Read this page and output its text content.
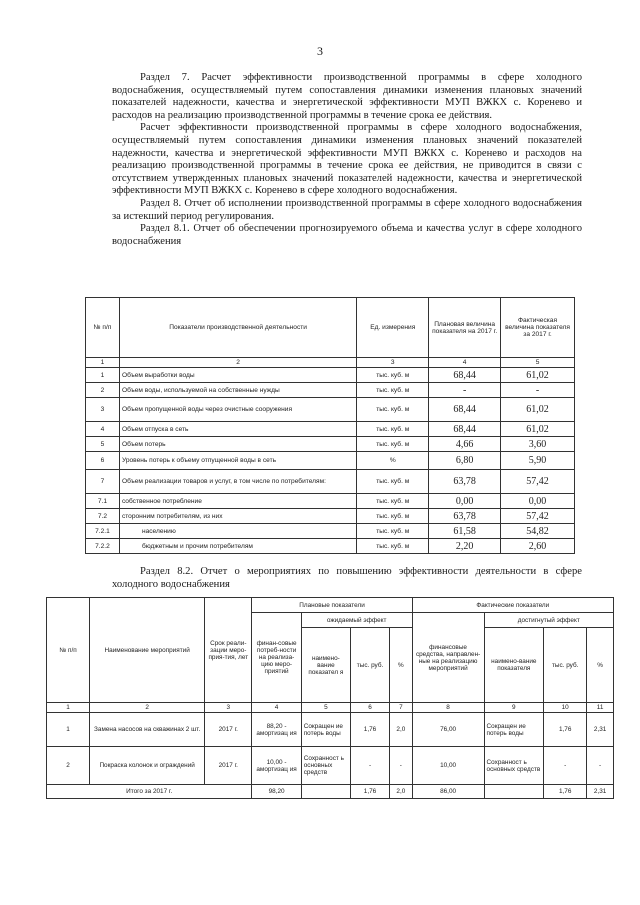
3

Раздел 7. Расчет эффективности производственной программы в сфере холодного водоснабжения, осуществляемый путем сопоставления динамики изменения плановых значений показателей надежности, качества и энергетической эффективности МУП ВЖКХ с. Коренево и расходов на реализацию производственной программы в течение срока ее действия.

Расчет эффективности производственной программы в сфере холодного водоснабжения, осуществляемый путем сопоставления динамики изменения плановых значений показателей надежности, качества и энергетической эффективности МУП ВЖКХ с. Коренево и расходов на реализацию производственной программы в течение срока ее действия, не приводится в связи с отсутствием утвержденных плановых значений показателей надежности, качества и энергетической эффективности МУП ВЖКХ с. Коренево в сфере холодного водоснабжения.

Раздел 8. Отчет об исполнении производственной программы в сфере холодного водоснабжения за истекший период регулирования.

Раздел 8.1. Отчет об обеспечении прогнозируемого объема и качества услуг в сфере холодного водоснабжения

№ п/п	Показатели производственной деятельности	Ед. измерения	Плановая величина показателя на 2017 г.	Фактическая величина показателя за 2017 г.
1	2	3	4	5
1	Объем выработки воды	тыс. куб. м	68,44	61,02
2	Объем воды, используемой на собственные нужды	тыс. куб. м	-	-
3	Объем пропущенной воды через очистные сооружения	тыс. куб. м	68,44	61,02
4	Объем отпуска в сеть	тыс. куб. м	68,44	61,02
5	Объем потерь	тыс. куб. м	4,66	3,60
6	Уровень потерь к объему отпущенной воды в сеть	%	6,80	5,90
7	Объем реализации товаров и услуг, в том числе по потребителям:	тыс. куб. м	63,78	57,42
7.1	собственное потребление	тыс. куб. м	0,00	0,00
7.2	сторонним потребителям, из них	тыс. куб. м	63,78	57,42
7.2.1	населению	тыс. куб. м	61,58	54,82
7.2.2	бюджетным и прочим потребителям	тыс. куб. м	2,20	2,60

Раздел 8.2. Отчет о мероприятиях по повышению эффективности деятельности в сфере холодного водоснабжения

№ п/п	Наименование мероприятий	Срок реали-зации меро-прия-тия, лет	Плановые показатели				Фактические показатели			
			финан-совые потреб-ности на реализа-цию меро-приятий	ожидаемый эффект			финансовые средства, направлен-ные на реализацию мероприятий	достигнутый эффект		
				наимено-вание показател я	тыс. руб.	%		наимено-вание показателя	тыс. руб.	%
1	2	3	4	5	6	7	8	9	10	11
1	Замена насосов на скважинах 2 шт.	2017 г.	88,20 - амортизац ия	Сокращен ие потерь воды	1,76	2,0	76,00	Сокращен ие потерь воды	1,76	2,31
2	Покраска колонок и ограждений	2017 г.	10,00 - амортизац ия	Сохранност ь основных средств	-	-	10,00	Сохранност ь основных средств	-	-
Итого за 2017 г.			98,20		1,76	2,0	86,00		1,76	2,31
